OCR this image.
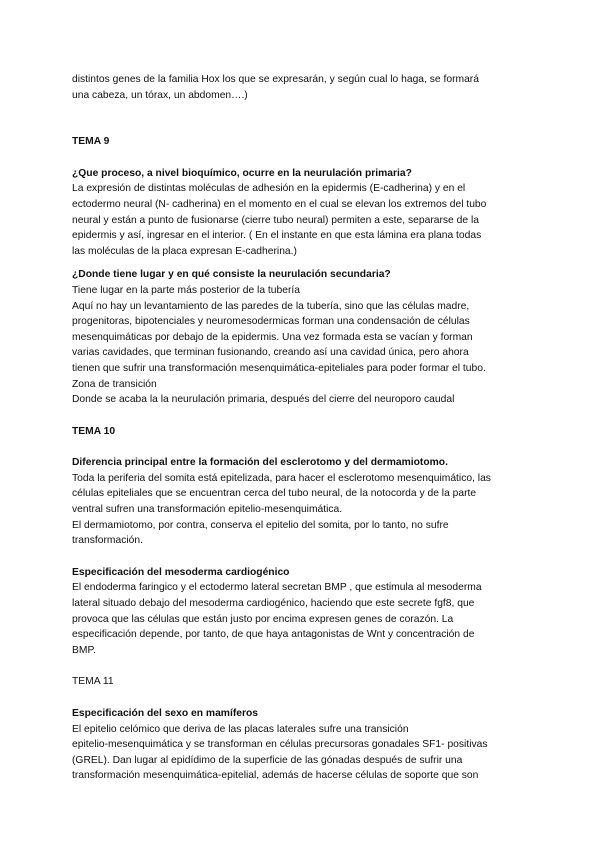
distintos genes de la familia Hox los que se expresarán, y según cual lo haga, se formará

una cabeza, un tórax, un abdomen….)

TEMA 9

¿Que proceso, a nivel bioquímico, ocurre en la neurulación primaria?

La expresión de distintas moléculas de adhesión en la epidermis (E-cadherina) y en el

ectodermo neural (N- cadherina) en el momento en el cual se elevan los extremos del tubo

neural y están a punto de fusionarse (cierre tubo neural) permiten a este, separarse de la

epidermis y así, ingresar en el interior. ( En el instante en que esta lámina era plana todas

las moléculas de la placa expresan E-cadherina.)

¿Donde tiene lugar y en qué consiste la neurulación secundaria?

Tiene lugar en la parte más posterior de la tubería

Aquí no hay un levantamiento de las paredes de la tubería, sino que las células madre,

progenitoras, bipotenciales y neuromesodermicas forman una condensación de células

mesenquimáticas por debajo de la epidermis. Una vez formada esta se vacían y forman

varias cavidades, que terminan fusionando, creando así una cavidad única, pero ahora

tienen que sufrir una transformación mesenquimática-epiteliales para poder formar el tubo.

Zona de transición

Donde se acaba la la neurulación primaria, después del cierre del neuroporo caudal

TEMA 10

Diferencia principal entre la formación del esclerotomo y del dermamiotomo.

Toda la periferia del somita está epitelizada, para hacer el esclerotomo mesenquimático, las

células epiteliales que se encuentran cerca del tubo neural, de la notocorda y de la parte

ventral sufren una transformación epitelio-mesenquimática.

El dermamiotomo, por contra, conserva el epitelio del somita, por lo tanto, no sufre

transformación.

Especificación del mesoderma cardiogénico

El endoderma faringico y el ectodermo lateral secretan BMP , que estimula al mesoderma

lateral situado debajo del mesoderma cardiogénico, haciendo que este secrete fgf8, que

provoca que las células que están justo por encima expresen genes de corazón. La

especificación depende, por tanto, de que haya antagonistas de Wnt y concentración de

BMP.

TEMA 11

Especificación del sexo en mamíferos

El epitelio celómico que deriva de las placas laterales sufre una transición

epitelio-mesenquimática y se transforman en células precursoras gonadales SF1- positivas

(GREL). Dan lugar al epidídimo de la superficie de las gónadas después de sufrir una

transformación mesenquimática-epitelial, además de hacerse células de soporte que son
